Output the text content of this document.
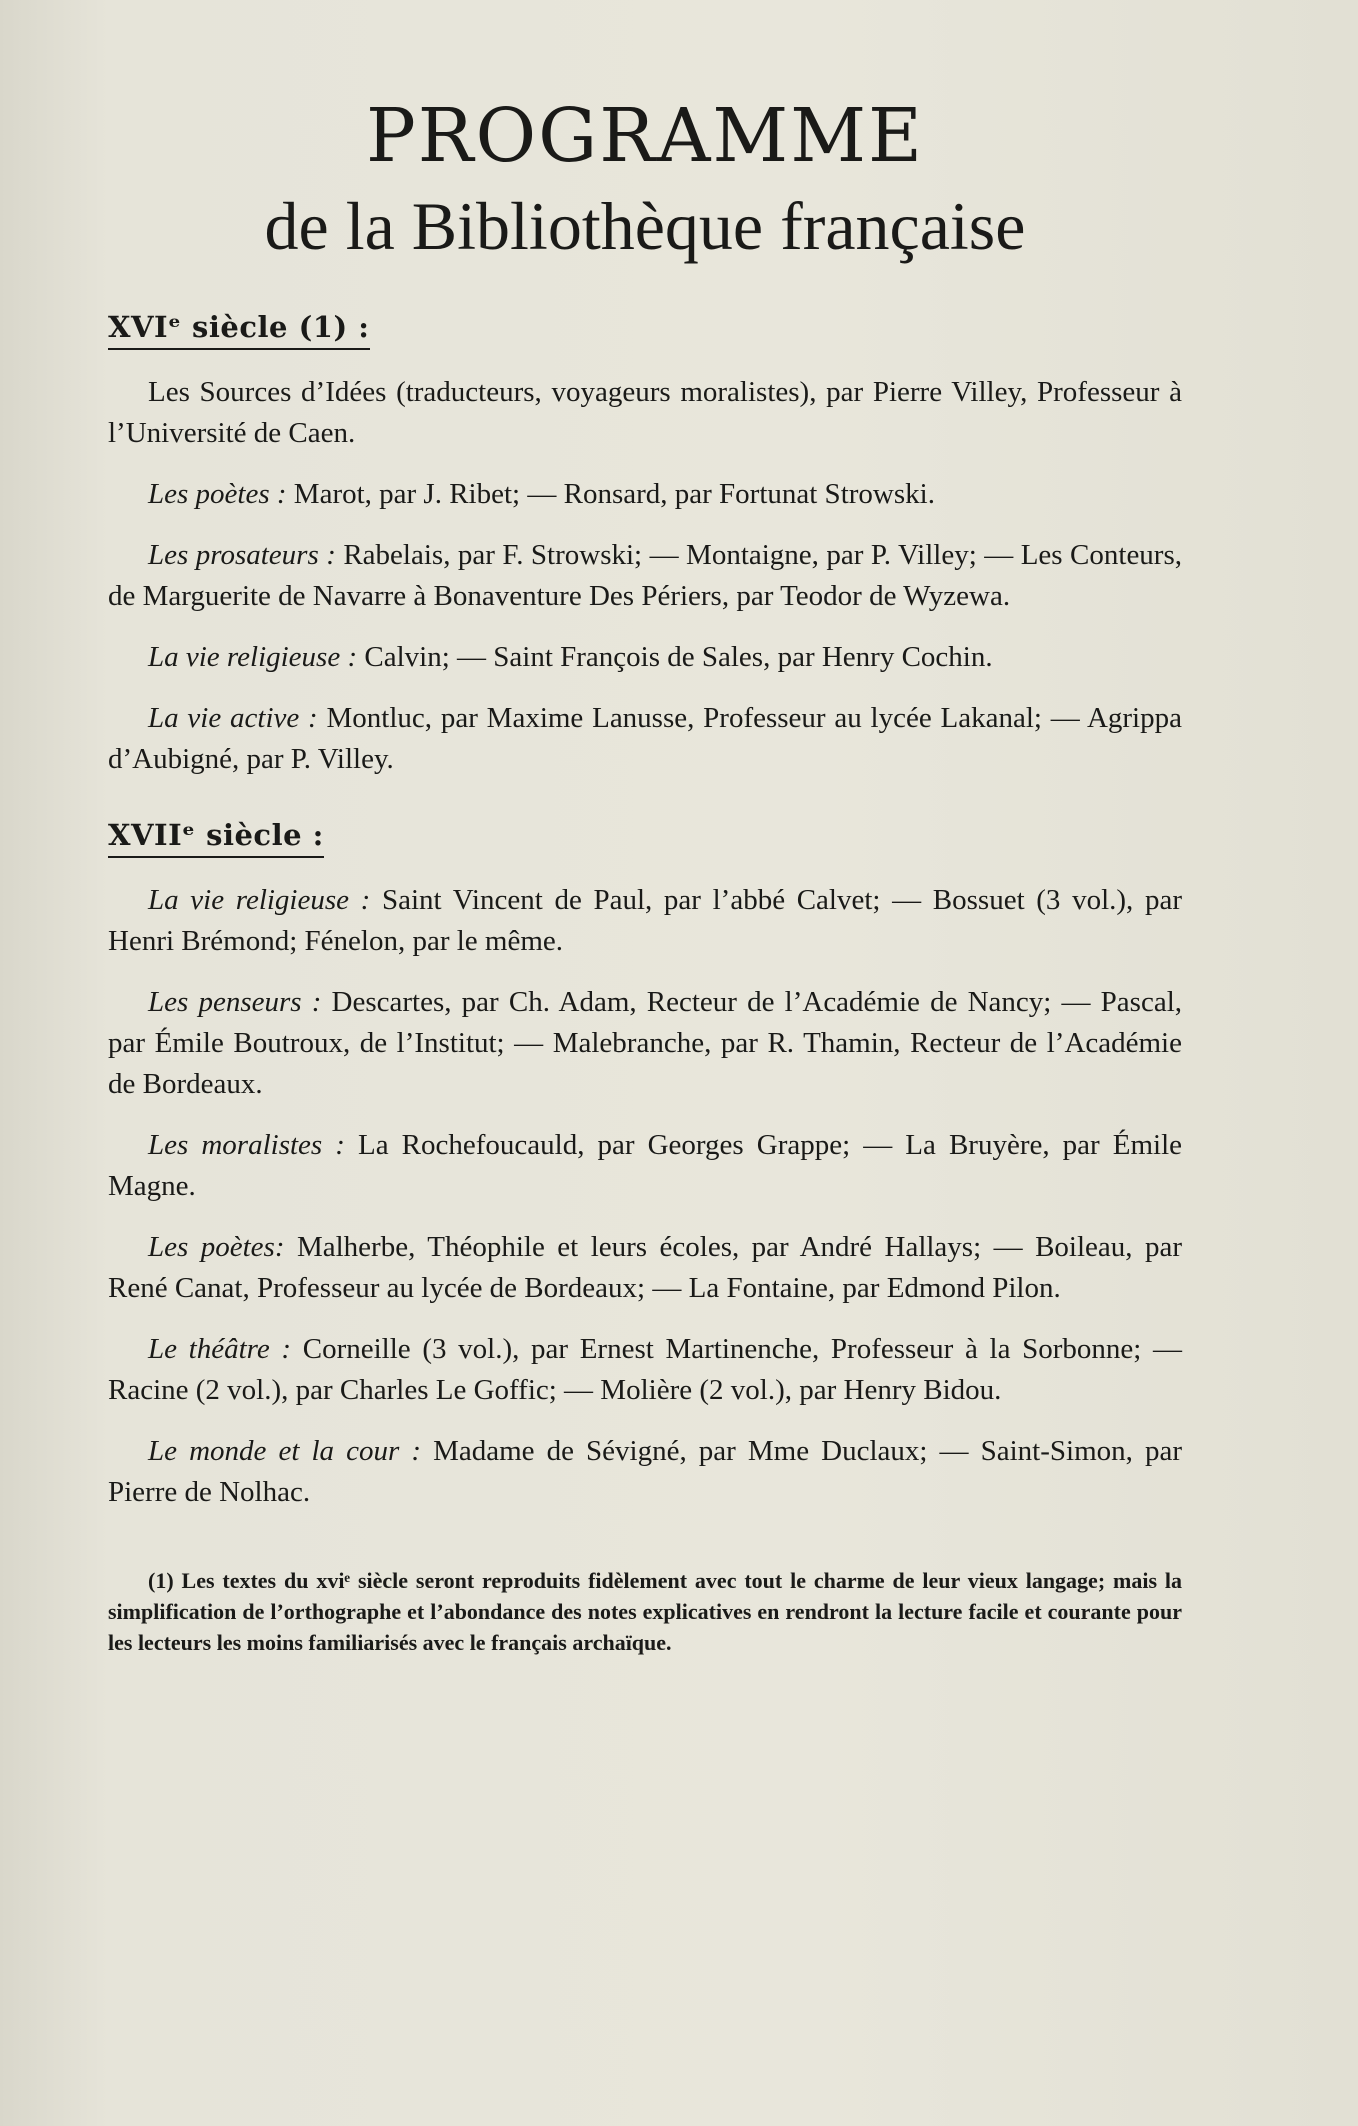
PROGRAMME
de la Bibliothèque française
XVIᵉ siècle (1) :

Les Sources d’Idées (traducteurs, voyageurs moralistes), par Pierre Villey, Professeur à l’Université de Caen.

Les poètes : Marot, par J. Ribet; — Ronsard, par Fortunat Strowski.

Les prosateurs : Rabelais, par F. Strowski; — Montaigne, par P. Villey; — Les Conteurs, de Marguerite de Navarre à Bonaventure Des Périers, par Teodor de Wyzewa.

La vie religieuse : Calvin; — Saint François de Sales, par Henry Cochin.

La vie active : Montluc, par Maxime Lanusse, Professeur au lycée Lakanal; — Agrippa d’Aubigné, par P. Villey.

XVIIᵉ siècle :

La vie religieuse : Saint Vincent de Paul, par l’abbé Calvet; — Bossuet (3 vol.), par Henri Brémond; Fénelon, par le même.

Les penseurs : Descartes, par Ch. Adam, Recteur de l’Académie de Nancy; — Pascal, par Émile Boutroux, de l’Institut; — Malebranche, par R. Thamin, Recteur de l’Académie de Bordeaux.

Les moralistes : La Rochefoucauld, par Georges Grappe; — La Bruyère, par Émile Magne.

Les poètes: Malherbe, Théophile et leurs écoles, par André Hallays; — Boileau, par René Canat, Professeur au lycée de Bordeaux; — La Fontaine, par Edmond Pilon.

Le théâtre : Corneille (3 vol.), par Ernest Martinenche, Professeur à la Sorbonne; — Racine (2 vol.), par Charles Le Goffic; — Molière (2 vol.), par Henry Bidou.

Le monde et la cour : Madame de Sévigné, par Mme Duclaux; — Saint-Simon, par Pierre de Nolhac.

(1) Les textes du xviᵉ siècle seront reproduits fidèlement avec tout le charme de leur vieux langage; mais la simplification de l’orthographe et l’abondance des notes explicatives en rendront la lecture facile et courante pour les lecteurs les moins familiarisés avec le français archaïque.
